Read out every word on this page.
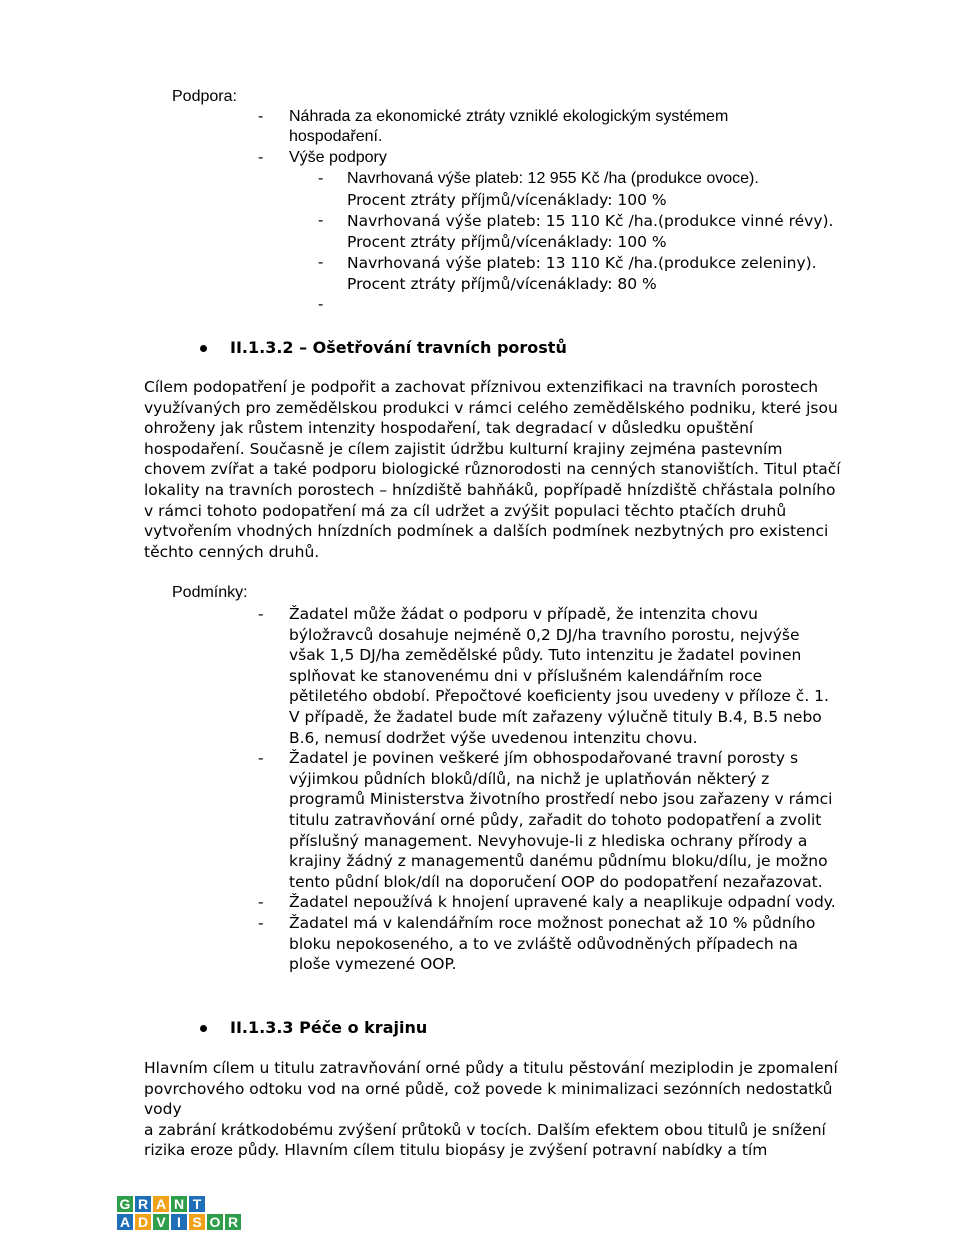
Podpora:
- Náhrada za ekonomické ztráty vzniklé ekologickým systémem
hospodaření.
- Výše podpory
- Navrhovaná výše plateb: 12 955 Kč /ha (produkce ovoce).
Procent ztráty příjmů/vícenáklady: 100 %
- Navrhovaná výše plateb: 15 110 Kč /ha.(produkce vinné révy).
Procent ztráty příjmů/vícenáklady: 100 %
- Navrhovaná výše plateb: 13 110 Kč /ha.(produkce zeleniny).
Procent ztráty příjmů/vícenáklady: 80 %
-
II.1.3.2 – Ošetřování travních porostů

Cílem podopatření je podpořit a zachovat příznivou extenzifikaci na travních porostech využívaných pro zemědělskou produkci v rámci celého zemědělského podniku, které jsou ohroženy jak růstem intenzity hospodaření, tak degradací v důsledku opuštění hospodaření. Současně je cílem zajistit údržbu kulturní krajiny zejména pastevním chovem zvířat a také podporu biologické různorodosti na cenných stanovištích. Titul ptačí lokality na travních porostech – hnízdiště bahňáků, popřípadě hnízdiště chřástala polního v rámci tohoto podopatření má za cíl udržet a zvýšit populaci těchto ptačích druhů vytvořením vhodných hnízdních podmínek a dalších podmínek nezbytných pro existenci těchto cenných druhů.

Podmínky:
- Žadatel může žádat o podporu v případě, že intenzita chovu býložravců dosahuje nejméně 0,2 DJ/ha travního porostu, nejvýše však 1,5 DJ/ha zemědělské půdy. Tuto intenzitu je žadatel povinen splňovat ke stanovenému dni v příslušném kalendářním roce pětiletého období. Přepočtové koeficienty jsou uvedeny v příloze č. 1. V případě, že žadatel bude mít zařazeny výlučně tituly B.4, B.5 nebo B.6, nemusí dodržet výše uvedenou intenzitu chovu.
- Žadatel je povinen veškeré jím obhospodařované travní porosty s výjimkou půdních bloků/dílů, na nichž je uplatňován některý z programů Ministerstva životního prostředí nebo jsou zařazeny v rámci titulu zatravňování orné půdy, zařadit do tohoto podopatření a zvolit příslušný management. Nevyhovuje-li z hlediska ochrany přírody a krajiny žádný z managementů danému půdnímu bloku/dílu, je možno tento půdní blok/díl na doporučení OOP do podopatření nezařazovat.
- Žadatel nepoužívá k hnojení upravené kaly a neaplikuje odpadní vody.
- Žadatel má v kalendářním roce možnost ponechat až 10 % půdního bloku nepokoseného, a to ve zvláště odůvodněných případech na ploše vymezené OOP.
II.1.3.3 Péče o krajinu

Hlavním cílem u titulu zatravňování orné půdy a titulu pěstování meziplodin je zpomalení povrchového odtoku vod na orné půdě, což povede k minimalizaci sezónních nedostatků vody

a zabrání krátkodobému zvýšení průtoků v tocích. Dalším efektem obou titulů je snížení rizika eroze půdy. Hlavním cílem titulu biopásy je zvýšení potravní nabídky a tím

G R A N T
A D V I S O R
